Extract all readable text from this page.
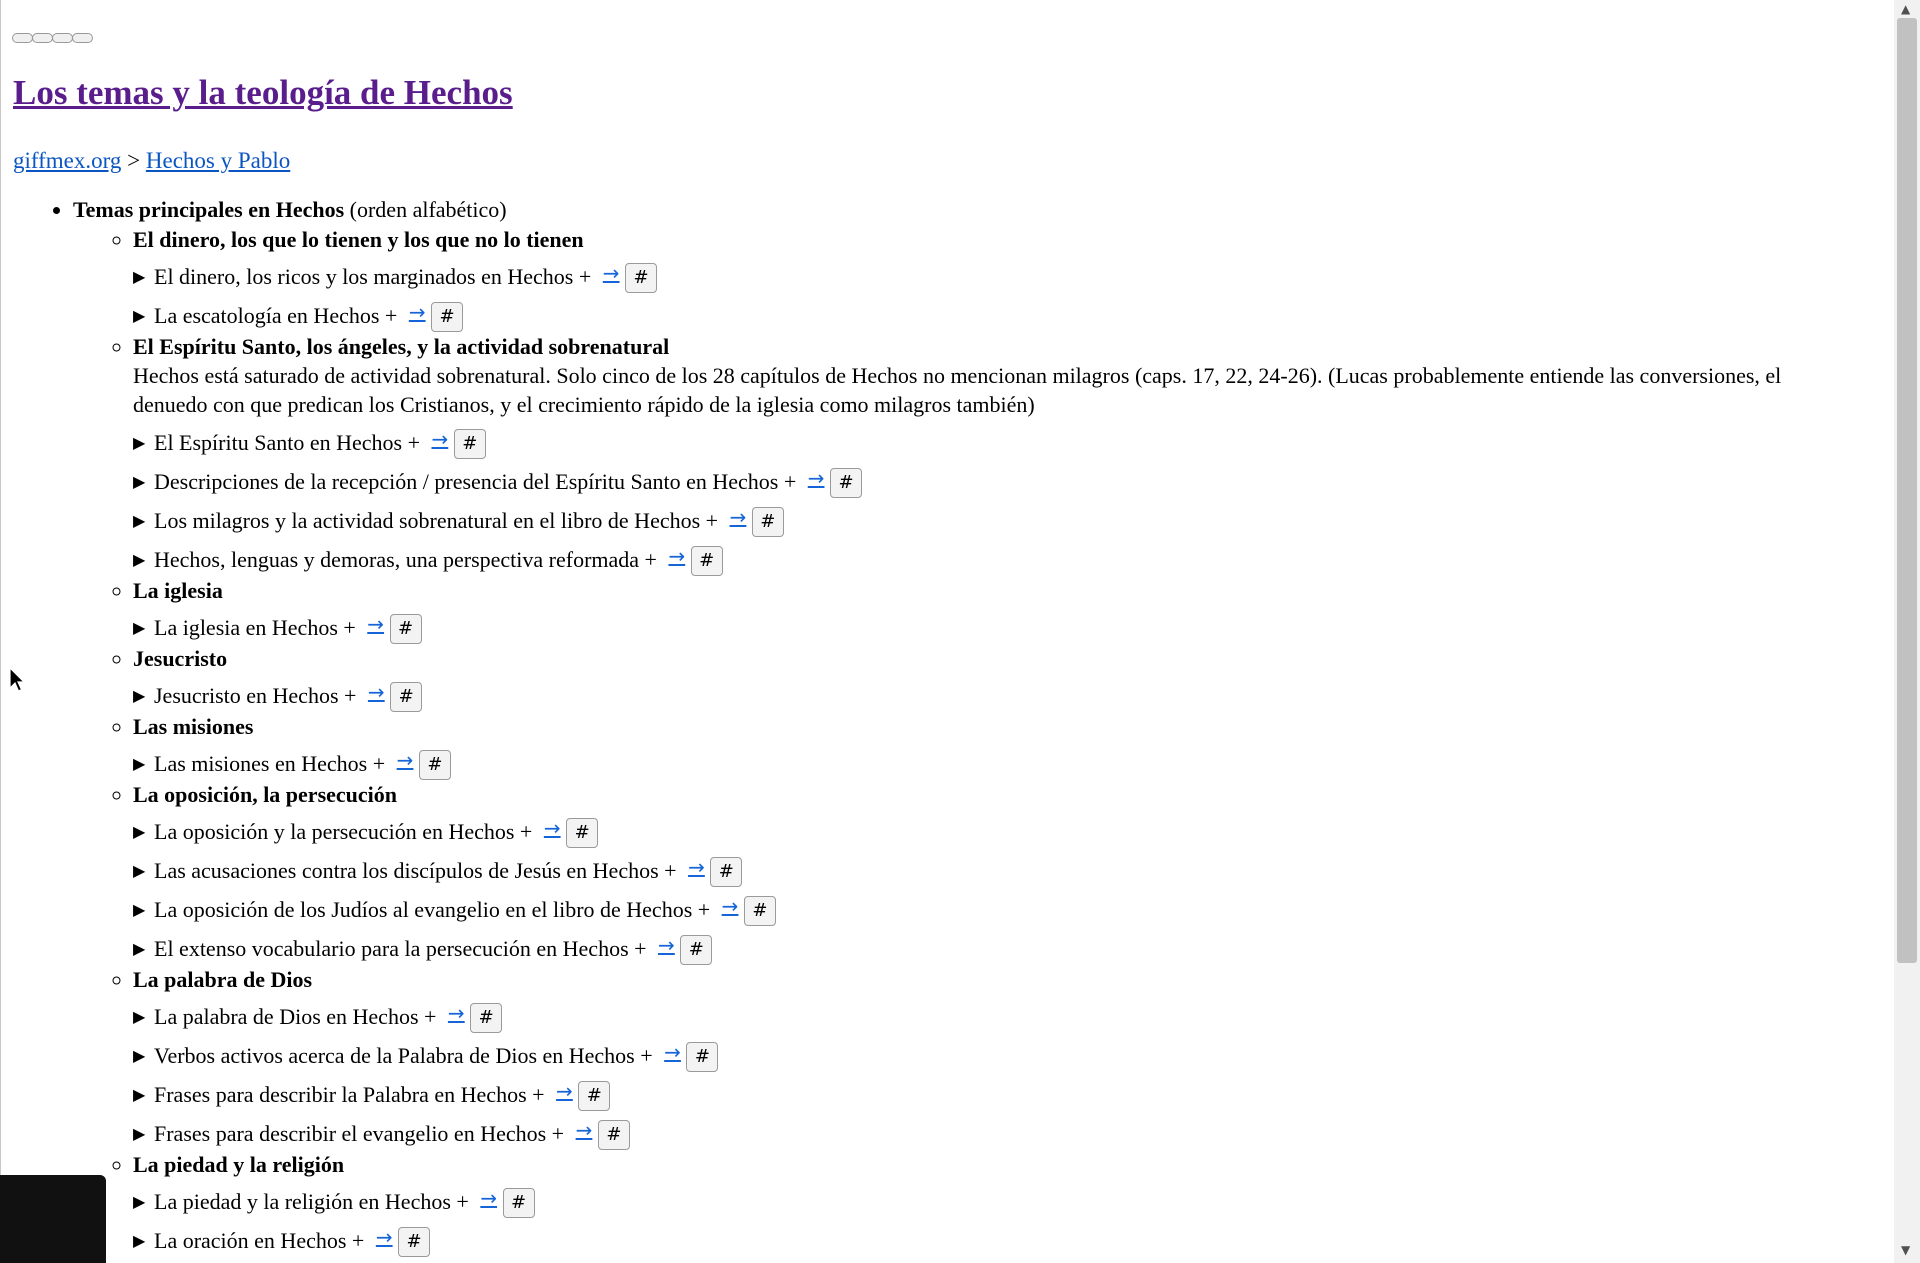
Los temas y la teología de Hechos
giffmex.org > Hechos y Pablo
• Temas principales en Hechos (orden alfabético)
◦ El dinero, los que lo tienen y los que no lo tienen
▶ El dinero, los ricos y los marginados en Hechos + → #
▶ La escatología en Hechos + → #
◦ El Espíritu Santo, los ángeles, y la actividad sobrenatural
Hechos está saturado de actividad sobrenatural. Solo cinco de los 28 capítulos de Hechos no mencionan milagros (caps. 17, 22, 24-26). (Lucas probablemente entiende las conversiones, el denuedo con que predican los Cristianos, y el crecimiento rápido de la iglesia como milagros también)
▶ El Espíritu Santo en Hechos + → #
▶ Descripciones de la recepción / presencia del Espíritu Santo en Hechos + → #
▶ Los milagros y la actividad sobrenatural en el libro de Hechos + → #
▶ Hechos, lenguas y demoras, una perspectiva reformada + → #
◦ La iglesia
▶ La iglesia en Hechos + → #
◦ Jesucristo
▶ Jesucristo en Hechos + → #
◦ Las misiones
▶ Las misiones en Hechos + → #
◦ La oposición, la persecución
▶ La oposición y la persecución en Hechos + → #
▶ Las acusaciones contra los discípulos de Jesús en Hechos + → #
▶ La oposición de los Judíos al evangelio en el libro de Hechos + → #
▶ El extenso vocabulario para la persecución en Hechos + → #
◦ La palabra de Dios
▶ La palabra de Dios en Hechos + → #
▶ Verbos activos acerca de la Palabra de Dios en Hechos + → #
▶ Frases para describir la Palabra en Hechos + → #
▶ Frases para describir el evangelio en Hechos + → #
◦ La piedad y la religión
▶ La piedad y la religión en Hechos + → #
▶ La oración en Hechos + → #
▲
▼
